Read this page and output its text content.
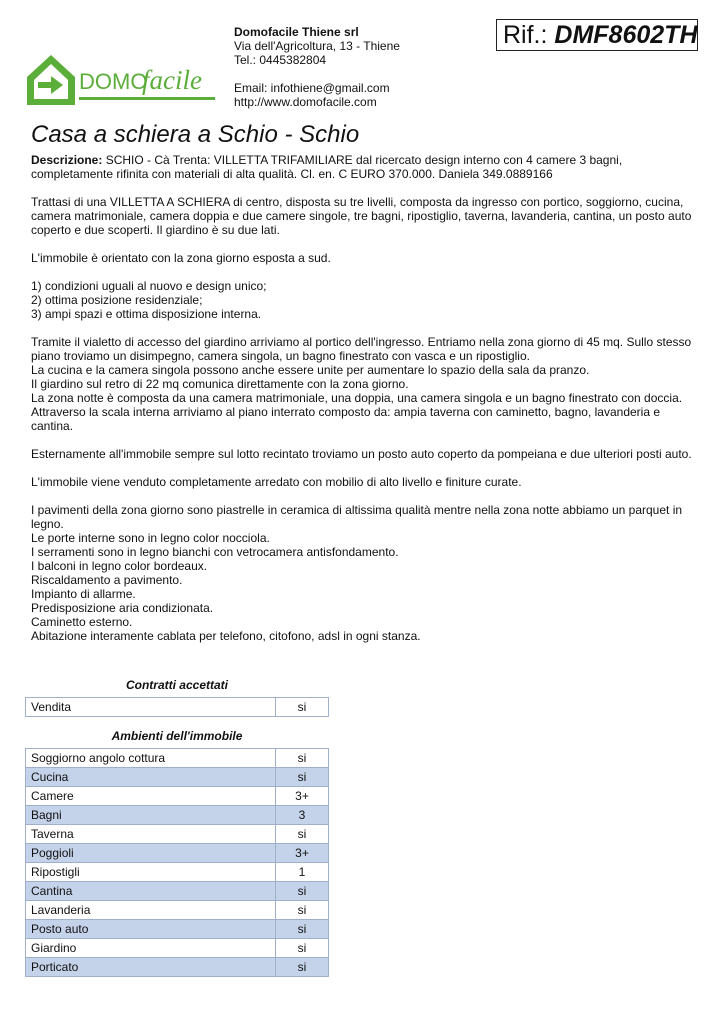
DOMO
facile
Domofacile Thiene srl
Via dell'Agricoltura, 13 - Thiene
Tel.: 0445382804
Email: infothiene@gmail.com
http://www.domofacile.com
Rif.: DMF8602TH
Casa a schiera a Schio - Schio

Descrizione: SCHIO - Cà Trenta: VILLETTA TRIFAMILIARE dal ricercato design interno con 4 camere 3 bagni, completamente rifinita con materiali di alta qualità. Cl. en. C EURO 370.000. Daniela 349.0889166

Trattasi di una VILLETTA A SCHIERA di centro, disposta su tre livelli, composta da ingresso con portico, soggiorno, cucina, camera matrimoniale, camera doppia e due camere singole, tre bagni, ripostiglio, taverna, lavanderia, cantina, un posto auto coperto e due scoperti. Il giardino è su due lati.

L'immobile è orientato con la zona giorno esposta a sud.

1) condizioni uguali al nuovo e design unico;
2) ottima posizione residenziale;
3) ampi spazi e ottima disposizione interna.

Tramite il vialetto di accesso del giardino arriviamo al portico dell'ingresso. Entriamo nella zona giorno di 45 mq. Sullo stesso piano troviamo un disimpegno, camera singola, un bagno finestrato con vasca e un ripostiglio.
La cucina e la camera singola possono anche essere unite per aumentare lo spazio della sala da pranzo.
Il giardino sul retro di 22 mq comunica direttamente con la zona giorno.
La zona notte è composta da una camera matrimoniale, una doppia, una camera singola e un bagno finestrato con doccia.
Attraverso la scala interna arriviamo al piano interrato composto da: ampia taverna con caminetto, bagno, lavanderia e cantina.

Esternamente all'immobile sempre sul lotto recintato troviamo un posto auto coperto da pompeiana e due ulteriori posti auto.

L'immobile viene venduto completamente arredato con mobilio di alto livello e finiture curate.

I pavimenti della zona giorno sono piastrelle in ceramica di altissima qualità mentre nella zona notte abbiamo un parquet in legno.
Le porte interne sono in legno color nocciola.
I serramenti sono in legno bianchi con vetrocamera antisfondamento.
I balconi in legno color bordeaux.
Riscaldamento a pavimento.
Impianto di allarme.
Predisposizione aria condizionata.
Caminetto esterno.
Abitazione interamente cablata per telefono, citofono, adsl in ogni stanza.

Contratti accettati
Vendita	si
Ambienti dell'immobile
Soggiorno angolo cottura	si
Cucina	si
Camere	3+
Bagni	3
Taverna	si
Poggioli	3+
Ripostigli	1
Cantina	si
Lavanderia	si
Posto auto	si
Giardino	si
Porticato	si
